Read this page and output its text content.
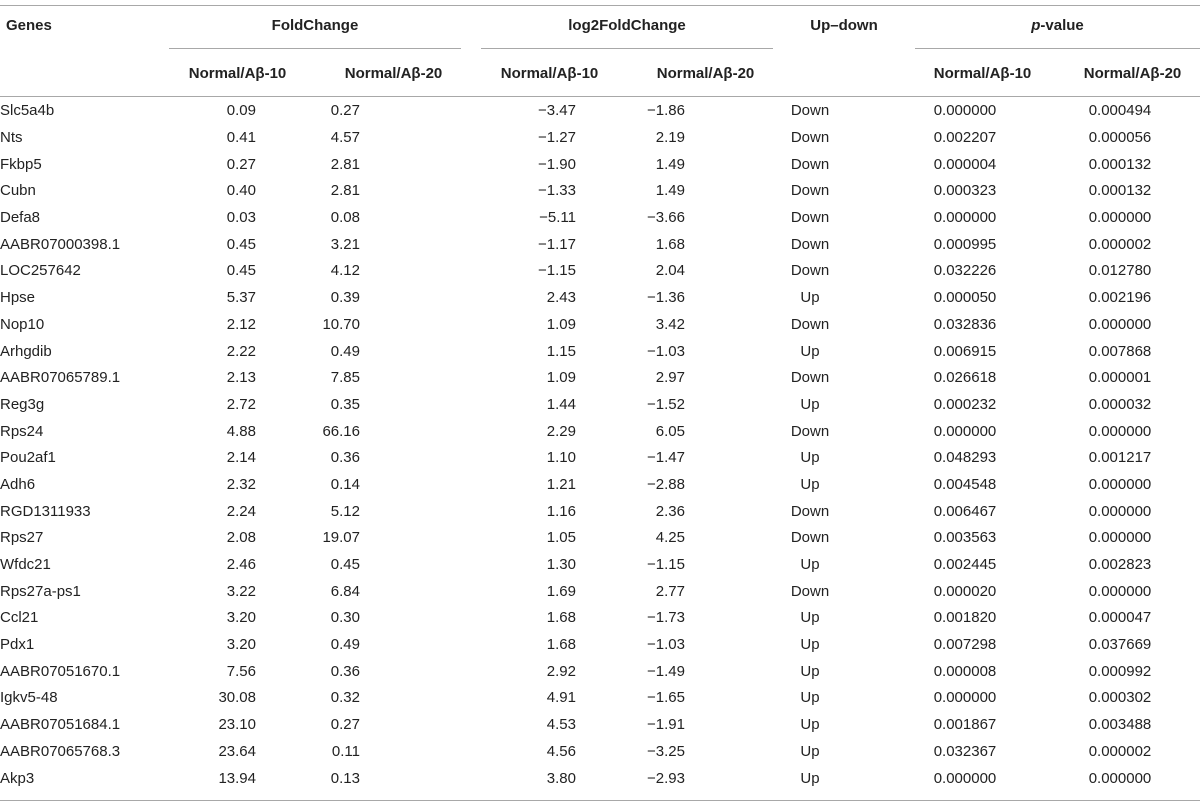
Genes	FoldChange	log2FoldChange	Up–down	p-value
Normal/Aβ-10	Normal/Aβ-20	Normal/Aβ-10	Normal/Aβ-20	Normal/Aβ-10	Normal/Aβ-20
Slc5a4b	0.09	0.27	−3.47	−1.86	Down	0.000000	0.000494
Nts	0.41	4.57	−1.27	2.19	Down	0.002207	0.000056
Fkbp5	0.27	2.81	−1.90	1.49	Down	0.000004	0.000132
Cubn	0.40	2.81	−1.33	1.49	Down	0.000323	0.000132
Defa8	0.03	0.08	−5.11	−3.66	Down	0.000000	0.000000
AABR07000398.1	0.45	3.21	−1.17	1.68	Down	0.000995	0.000002
LOC257642	0.45	4.12	−1.15	2.04	Down	0.032226	0.012780
Hpse	5.37	0.39	2.43	−1.36	Up	0.000050	0.002196
Nop10	2.12	10.70	1.09	3.42	Down	0.032836	0.000000
Arhgdib	2.22	0.49	1.15	−1.03	Up	0.006915	0.007868
AABR07065789.1	2.13	7.85	1.09	2.97	Down	0.026618	0.000001
Reg3g	2.72	0.35	1.44	−1.52	Up	0.000232	0.000032
Rps24	4.88	66.16	2.29	6.05	Down	0.000000	0.000000
Pou2af1	2.14	0.36	1.10	−1.47	Up	0.048293	0.001217
Adh6	2.32	0.14	1.21	−2.88	Up	0.004548	0.000000
RGD1311933	2.24	5.12	1.16	2.36	Down	0.006467	0.000000
Rps27	2.08	19.07	1.05	4.25	Down	0.003563	0.000000
Wfdc21	2.46	0.45	1.30	−1.15	Up	0.002445	0.002823
Rps27a-ps1	3.22	6.84	1.69	2.77	Down	0.000020	0.000000
Ccl21	3.20	0.30	1.68	−1.73	Up	0.001820	0.000047
Pdx1	3.20	0.49	1.68	−1.03	Up	0.007298	0.037669
AABR07051670.1	7.56	0.36	2.92	−1.49	Up	0.000008	0.000992
Igkv5-48	30.08	0.32	4.91	−1.65	Up	0.000000	0.000302
AABR07051684.1	23.10	0.27	4.53	−1.91	Up	0.001867	0.003488
AABR07065768.3	23.64	0.11	4.56	−3.25	Up	0.032367	0.000002
Akp3	13.94	0.13	3.80	−2.93	Up	0.000000	0.000000
